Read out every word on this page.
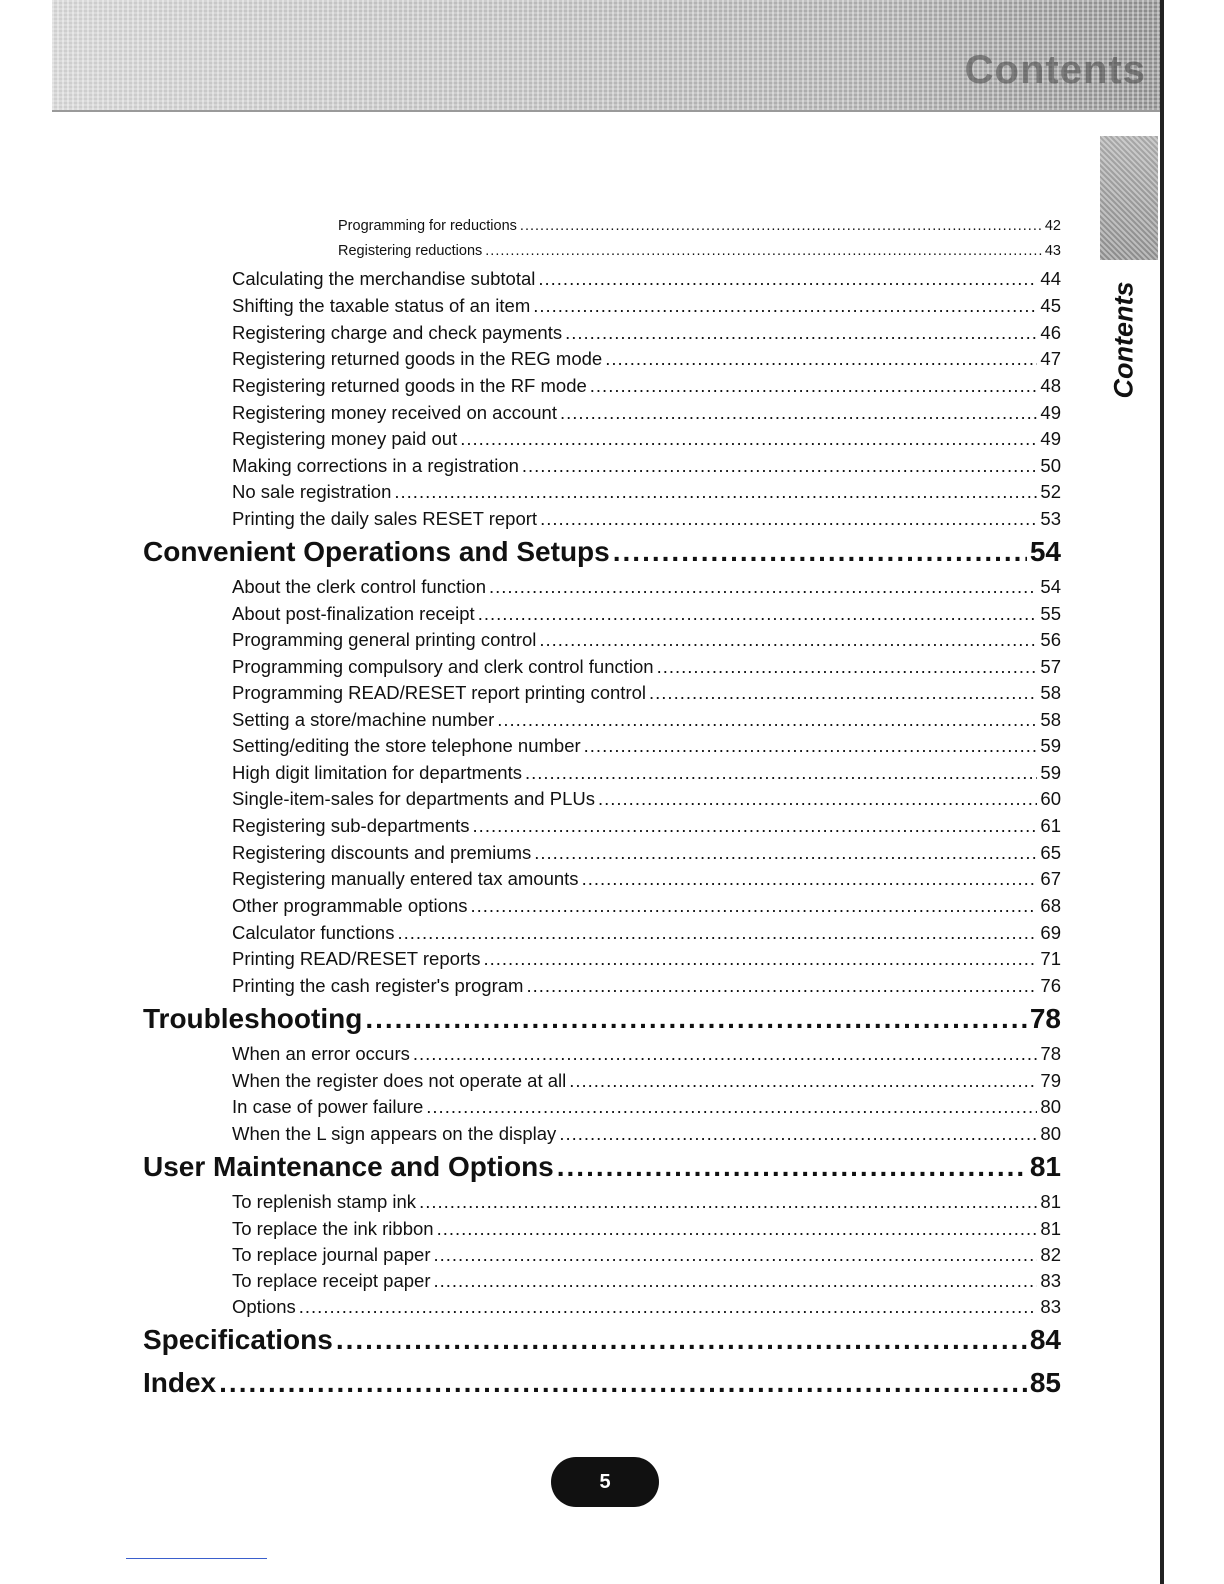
Contents
Contents
Programming for reductions .....	42
Registering reductions .....	43
Calculating the merchandise subtotal .....	44
Shifting the taxable status of an item .....	45
Registering charge and check payments .....	46
Registering returned goods in the REG mode .....	47
Registering returned goods in the RF mode .....	48
Registering money received on account .....	49
Registering money paid out .....	49
Making corrections in a registration .....	50
No sale registration .....	52
Printing the daily sales RESET report .....	53
Convenient Operations and Setups .....	54
About the clerk control function .....	54
About post-finalization receipt .....	55
Programming general printing control .....	56
Programming compulsory and clerk control function .....	57
Programming READ/RESET report printing control .....	58
Setting a store/machine number .....	58
Setting/editing the store telephone number .....	59
High digit limitation for departments .....	59
Single-item-sales for departments and PLUs .....	60
Registering sub-departments .....	61
Registering discounts and premiums .....	65
Registering manually entered tax amounts .....	67
Other programmable options .....	68
Calculator functions .....	69
Printing READ/RESET reports .....	71
Printing the cash register's program .....	76
Troubleshooting .....	78
When an error occurs .....	78
When the register does not operate at all .....	79
In case of power failure .....	80
When the L sign appears on the display .....	80
User Maintenance and Options .....	81
To replenish stamp ink .....	81
To replace the ink ribbon .....	81
To replace journal paper .....	82
To replace receipt paper .....	83
Options .....	83
Specifications .....	84
Index .....	85
5
